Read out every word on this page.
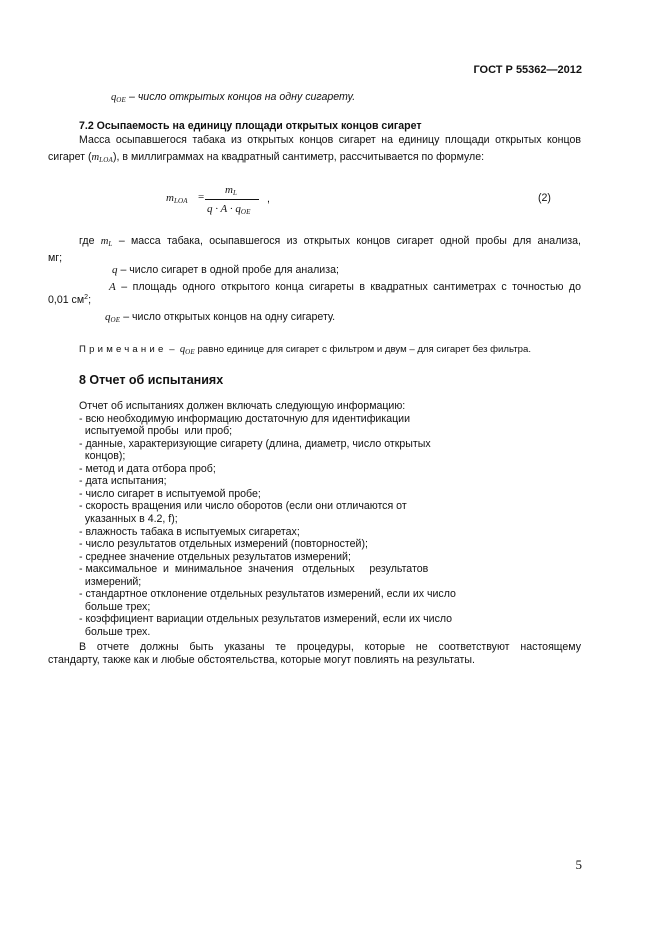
ГОСТ Р 55362—2012
$q_{OE}$ – число открытых концов на одну сигарету.
7.2 Осыпаемость на единицу площади открытых концов сигарет
Масса осыпавшегося табака из открытых концов сигарет на единицу площади открытых концов
сигарет $(m_{LOA})$, в миллиграммах на квадратный сантиметр, рассчитывается по формуле:
$m_{LOA}$ =
$m_L$
$q \cdot A \cdot q_{OE}$
,	(2)
где $m_L$ – масса табака, осыпавшегося из открытых концов сигарет одной пробы для анализа,
мг;
q – число сигарет в одной пробе для анализа;
A – площадь одного открытого конца сигареты в квадратных сантиметрах с точностью до
0,01 $см^2$;
$q_{OE}$ – число открытых концов на одну сигарету.
Примечание – $q_{OE}$ равно единице для сигарет с фильтром и двум – для сигарет без фильтра.
8 Отчет об испытаниях
Отчет об испытаниях должен включать следующую информацию:
- всю необходимую информацию достаточную для идентификации
испытуемой пробы  или проб;
- данные, характеризующие сигарету (длина, диаметр, число открытых
концов);
- метод и дата отбора проб;
- дата испытания;
- число сигарет в испытуемой пробе;
- скорость вращения или число оборотов (если они отличаются от
указанных в 4.2, f);
- влажность табака в испытуемых сигаретах;
- число результатов отдельных измерений (повторностей);
- среднее значение отдельных результатов измерений;
- максимальное  и  минимальное  значения   отдельных     результатов
измерений;
- стандартное отклонение отдельных результатов измерений, если их число
больше трех;
- коэффициент вариации отдельных результатов измерений, если их число
больше трех.
В отчете должны быть указаны те процедуры, которые не соответствуют настоящему
стандарту, также как и любые обстоятельства, которые могут повлиять на результаты.
5
